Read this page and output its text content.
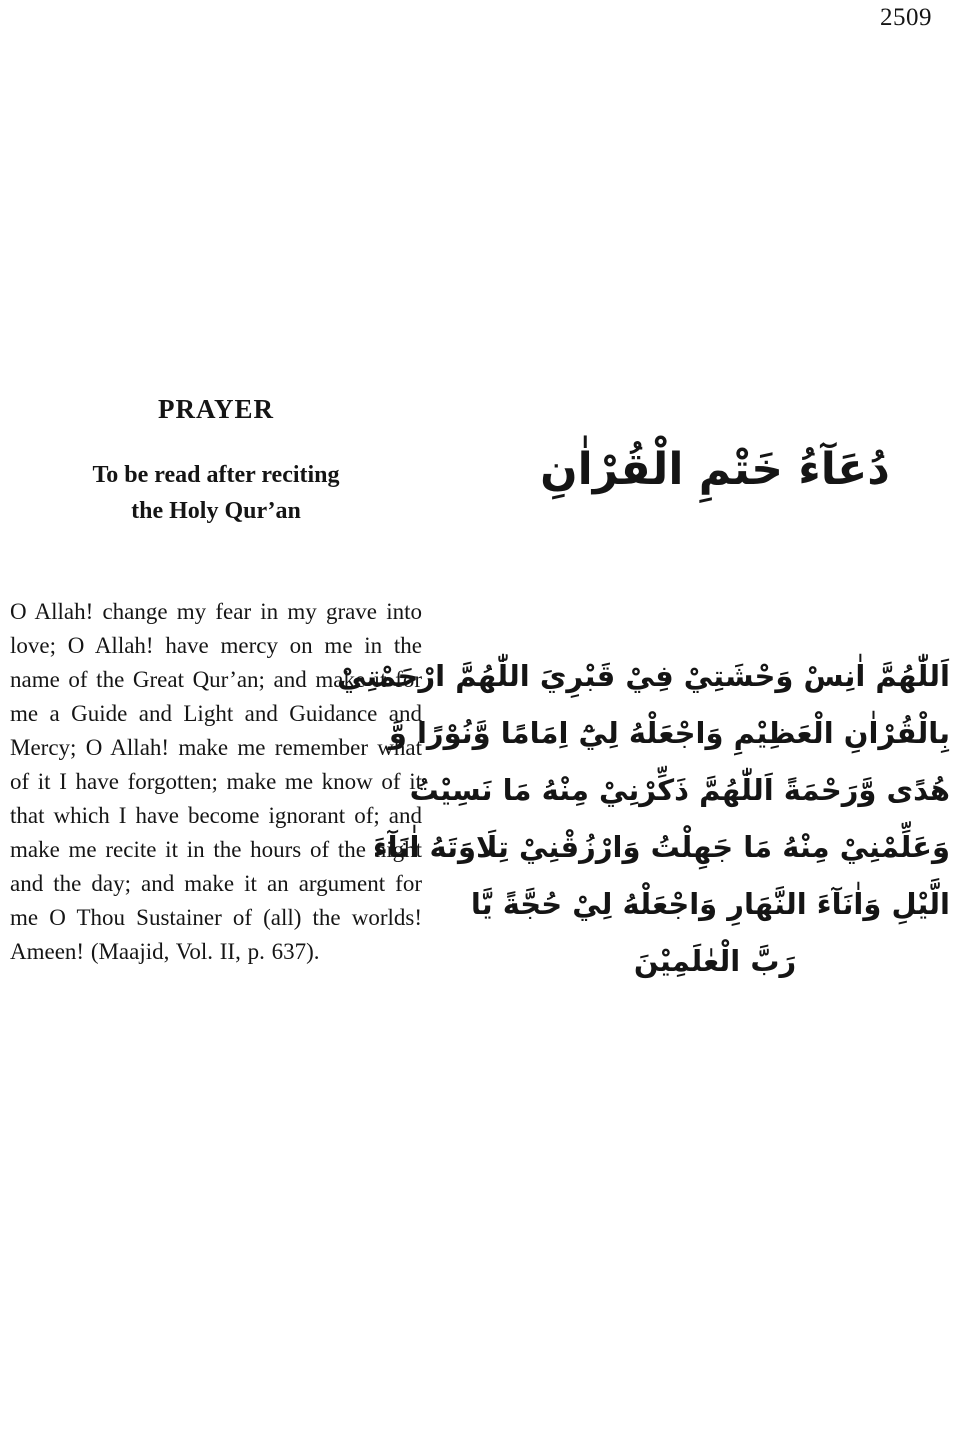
2509
PRAYER
To be read after reciting
the Holy Qur’an

O Allah! change my fear in my grave into love; O Allah! have mercy on me in the name of the Great Qur’an; and make it for me a Guide and Light and Guidance and Mercy; O Allah! make me remember what of it I have forgotten; make me know of it that which I have become ignorant of; and make me recite it in the hours of the night and the day; and make it an argument for me O Thou Sustainer of (all) the worlds! Ameen! (Maajid, Vol. II, p. 637).

دُعَآءُ خَتْمِ الْقُرْاٰنِ
اَللّٰهُمَّ اٰنِسْ وَحْشَتِيْ فِيْ قَبْرِيَ اللّٰهُمَّ ارْحَمْنِيْ
بِالْقُرْاٰنِ الْعَظِيْمِ وَاجْعَلْهُ لِيْٓ اِمَامًا وَّنُوْرًا وَّ
هُدًى وَّرَحْمَةً اَللّٰهُمَّ ذَكِّرْنِيْ مِنْهُ مَا نَسِيْتُ
وَعَلِّمْنِيْ مِنْهُ مَا جَهِلْتُ وَارْزُقْنِيْ تِلَاوَتَهُ اٰنَآءَ
الَّيْلِ وَاٰنَآءَ النَّهَارِ وَاجْعَلْهُ لِيْ حُجَّةً يَّا
رَبَّ الْعٰلَمِيْنَ
